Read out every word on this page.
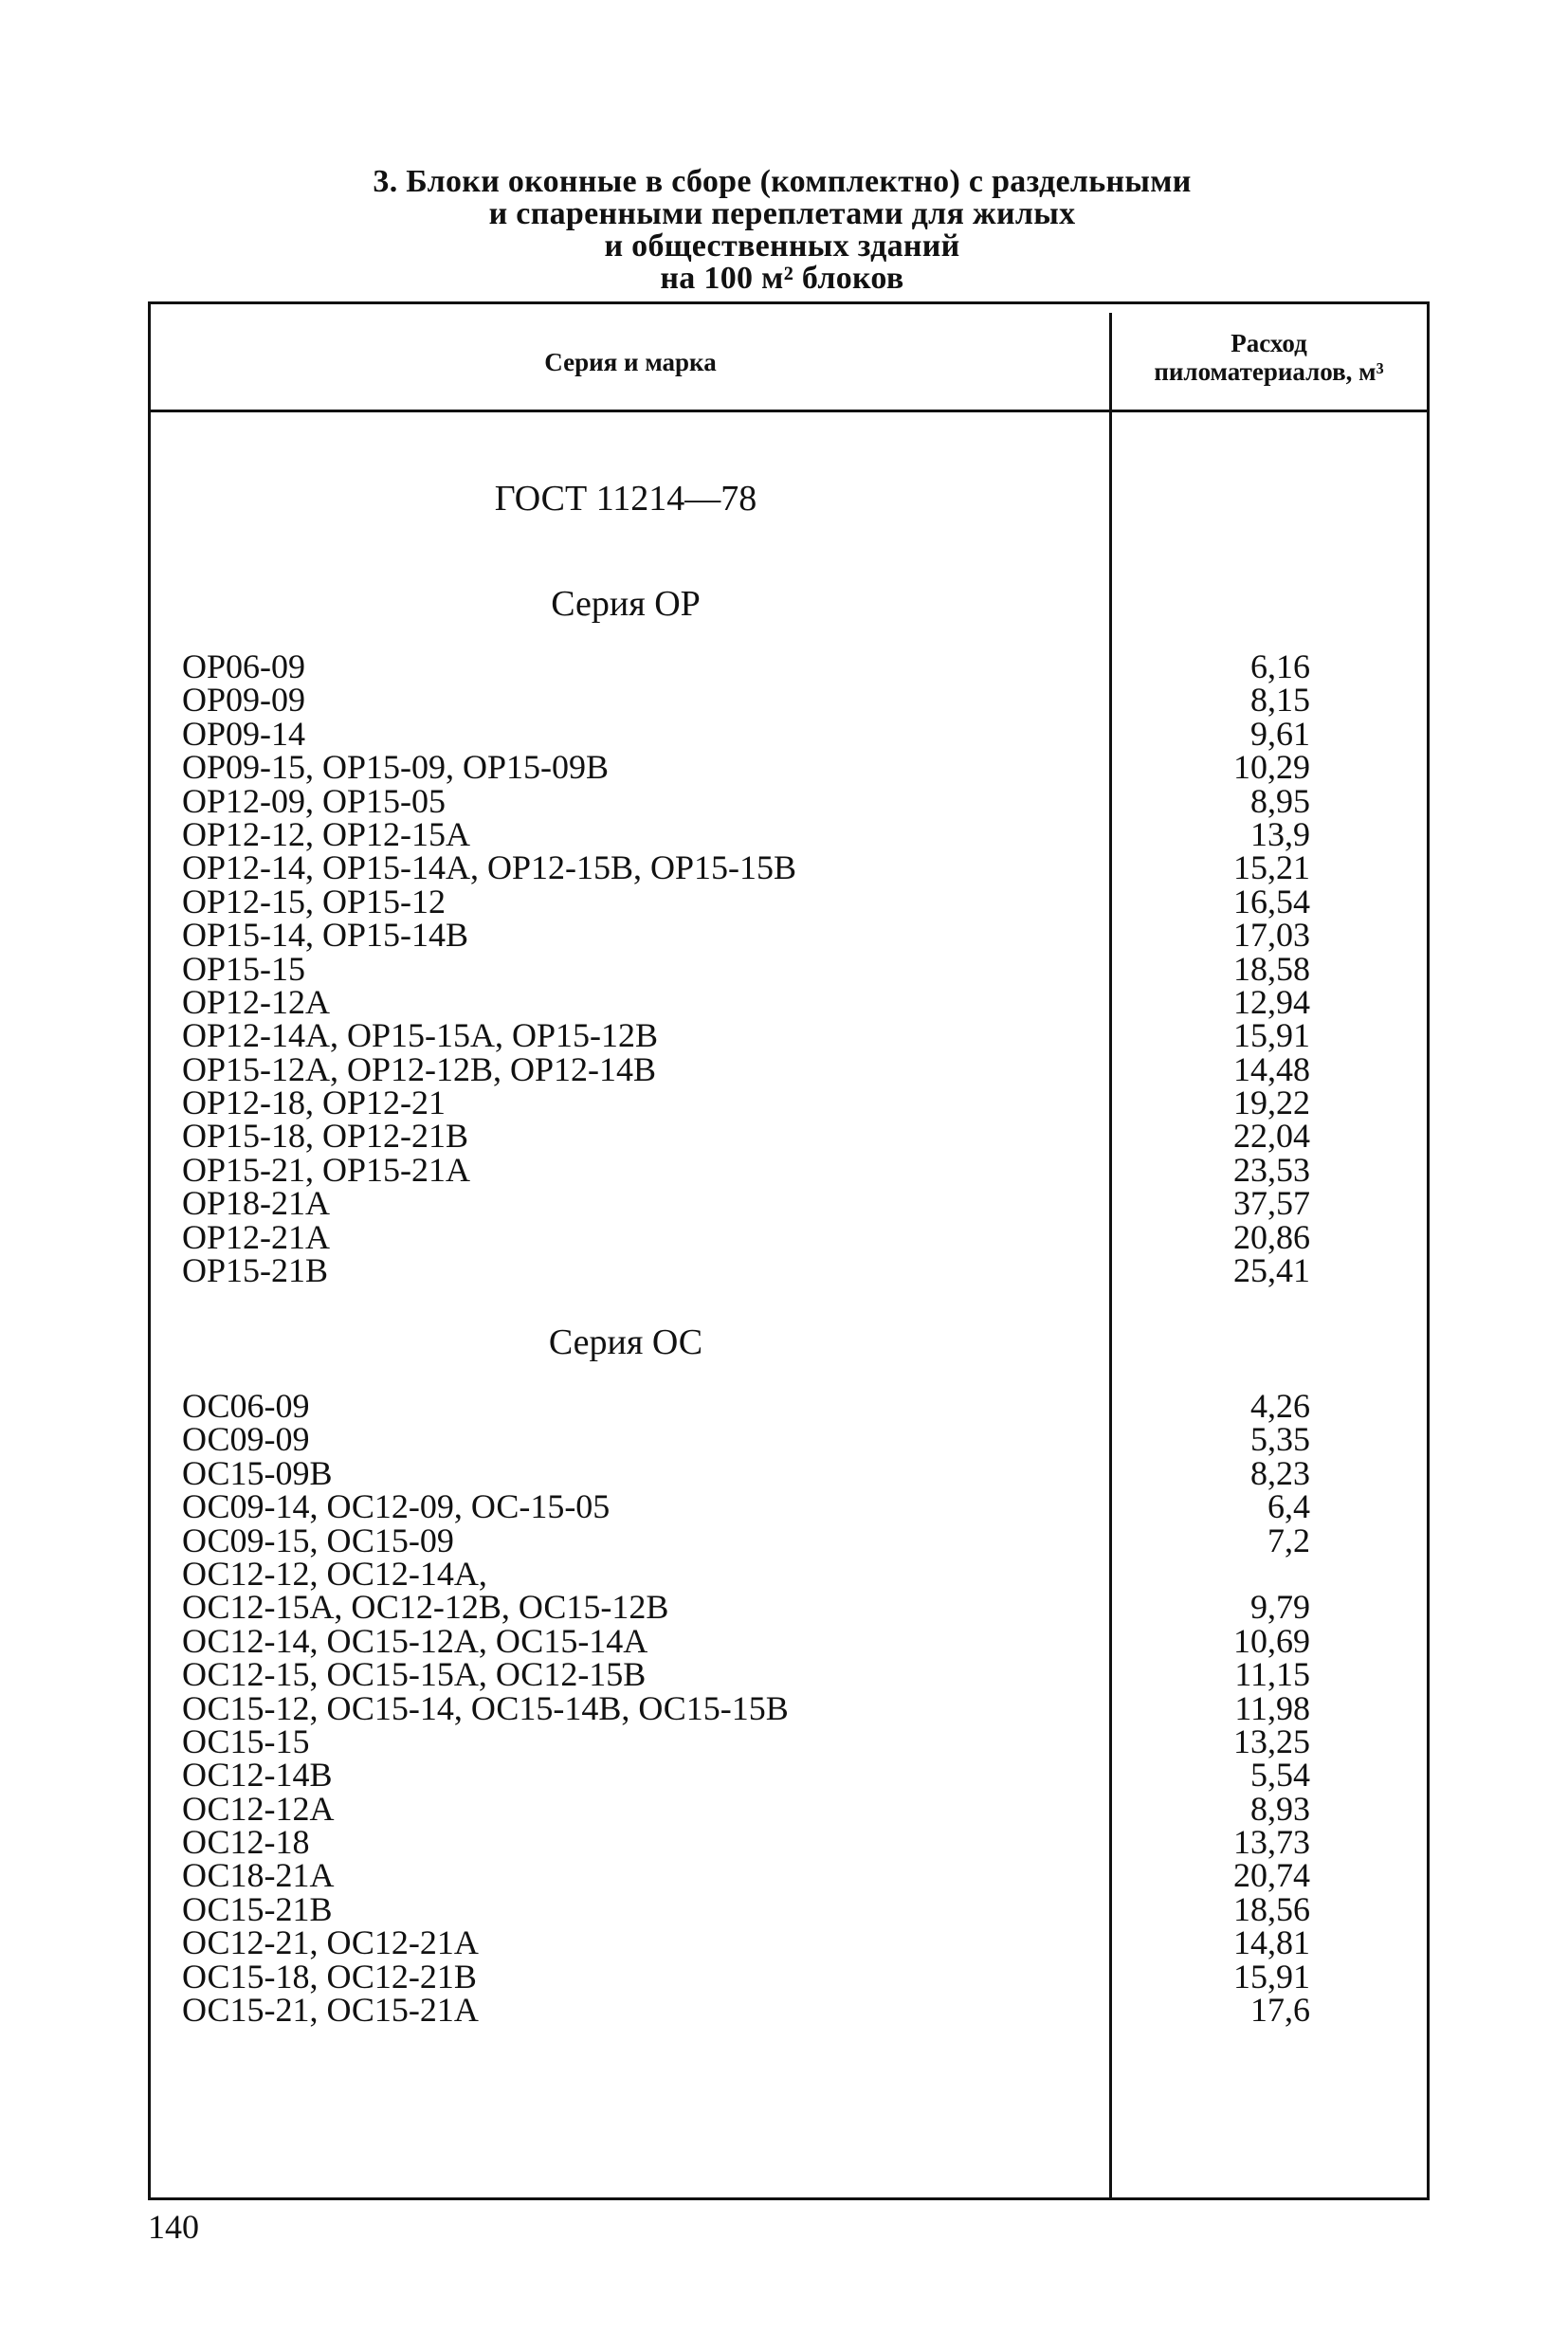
3. Блоки оконные в сборе (комплектно) с раздельными
и спаренными переплетами для жилых
и общественных зданий
на 100 м² блоков
Серия и марка
Расход
пиломатериалов, м³
ГОСТ 11214—78
Серия ОР
ОР06-09	6,16
ОР09-09	8,15
ОР09-14	9,61
ОР09-15, ОР15-09, ОР15-09В	10,29
ОР12-09, ОР15-05	8,95
ОР12-12, ОР12-15А	13,9
ОР12-14, ОР15-14А, ОР12-15В, ОР15-15В	15,21
ОР12-15, ОР15-12	16,54
ОР15-14, ОР15-14В	17,03
ОР15-15	18,58
ОР12-12А	12,94
ОР12-14А, ОР15-15А, ОР15-12В	15,91
ОР15-12А, ОР12-12В, ОР12-14В	14,48
ОР12-18, ОР12-21	19,22
ОР15-18, ОР12-21В	22,04
ОР15-21, ОР15-21А	23,53
ОР18-21А	37,57
ОР12-21А	20,86
ОР15-21В	25,41
Серия ОС
ОС06-09	4,26
ОС09-09	5,35
ОС15-09В	8,23
ОС09-14, ОС12-09, ОС-15-05	6,4
ОС09-15, ОС15-09	7,2
ОС12-12, ОС12-14А,
ОС12-15А, ОС12-12В, ОС15-12В	9,79
ОС12-14, ОС15-12А, ОС15-14А	10,69
ОС12-15, ОС15-15А, ОС12-15В	11,15
ОС15-12, ОС15-14, ОС15-14В, ОС15-15В	11,98
ОС15-15	13,25
ОС12-14В	5,54
ОС12-12А	8,93
ОС12-18	13,73
ОС18-21А	20,74
ОС15-21В	18,56
ОС12-21, ОС12-21А	14,81
ОС15-18, ОС12-21В	15,91
ОС15-21, ОС15-21А	17,6
140
